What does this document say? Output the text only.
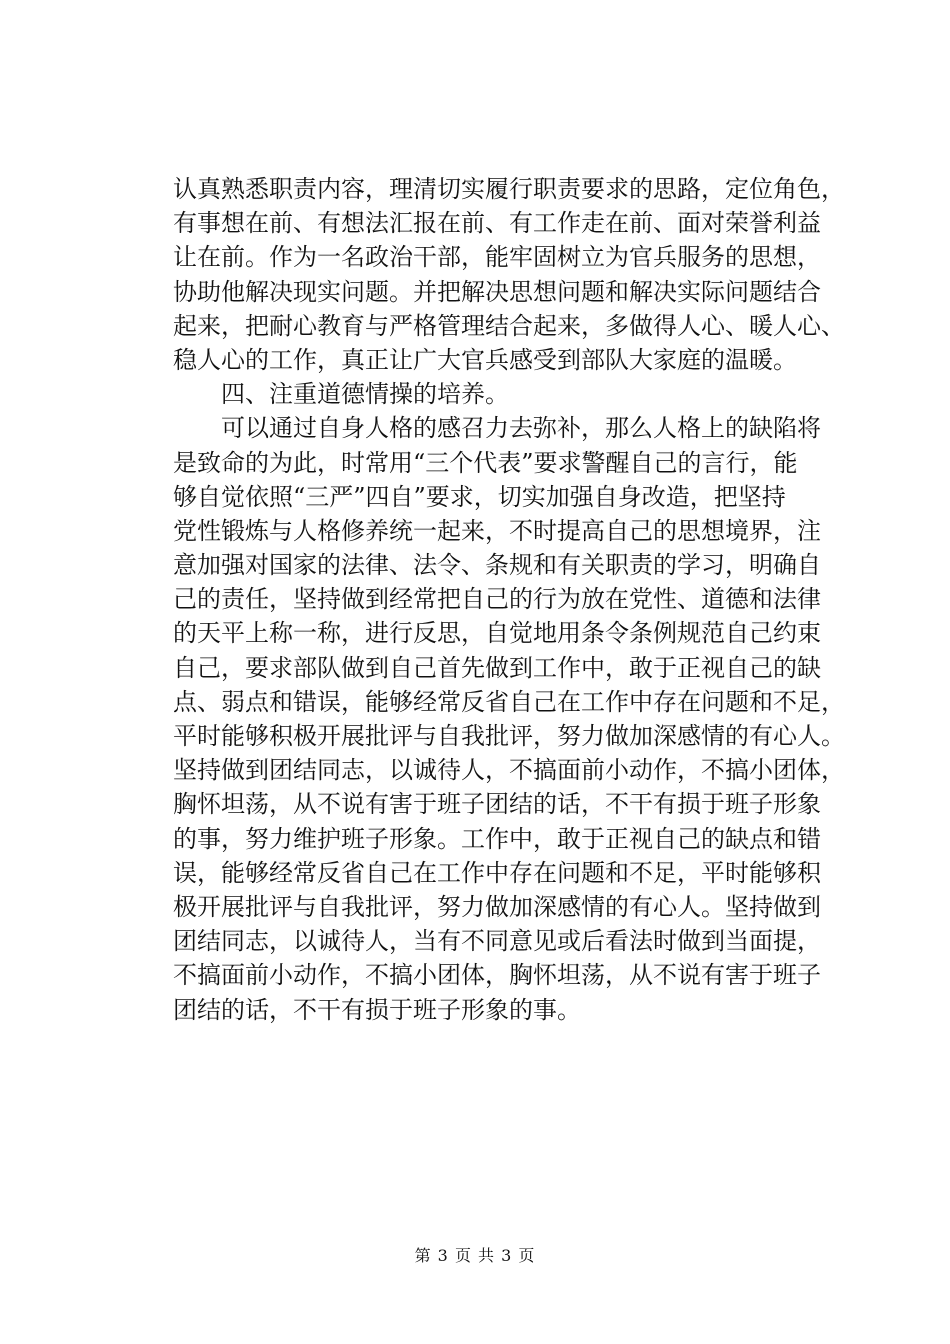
认真熟悉职责内容，理清切实履行职责要求的思路，定位角色，
有事想在前、有想法汇报在前、有工作走在前、面对荣誉利益
让在前。作为一名政治干部，能牢固树立为官兵服务的思想，
协助他解决现实问题。并把解决思想问题和解决实际问题结合
起来，把耐心教育与严格管理结合起来，多做得人心、暖人心、
稳人心的工作，真正让广大官兵感受到部队大家庭的温暖。
四、注重道德情操的培养。
可以通过自身人格的感召力去弥补，那么人格上的缺陷将
是致命的为此，时常用“三个代表”要求警醒自己的言行，能
够自觉依照“三严”四自”要求，切实加强自身改造，把坚持
党性锻炼与人格修养统一起来，不时提高自己的思想境界，注
意加强对国家的法律、法令、条规和有关职责的学习，明确自
己的责任，坚持做到经常把自己的行为放在党性、道德和法律
的天平上称一称，进行反思，自觉地用条令条例规范自己约束
自己，要求部队做到自己首先做到工作中，敢于正视自己的缺
点、弱点和错误，能够经常反省自己在工作中存在问题和不足，
平时能够积极开展批评与自我批评，努力做加深感情的有心人。
坚持做到团结同志，以诚待人，不搞面前小动作，不搞小团体，
胸怀坦荡，从不说有害于班子团结的话，不干有损于班子形象
的事，努力维护班子形象。工作中，敢于正视自己的缺点和错
误，能够经常反省自己在工作中存在问题和不足，平时能够积
极开展批评与自我批评，努力做加深感情的有心人。坚持做到
团结同志，以诚待人，当有不同意见或后看法时做到当面提，
不搞面前小动作，不搞小团体，胸怀坦荡，从不说有害于班子
团结的话，不干有损于班子形象的事。
第 3 页 共 3 页
